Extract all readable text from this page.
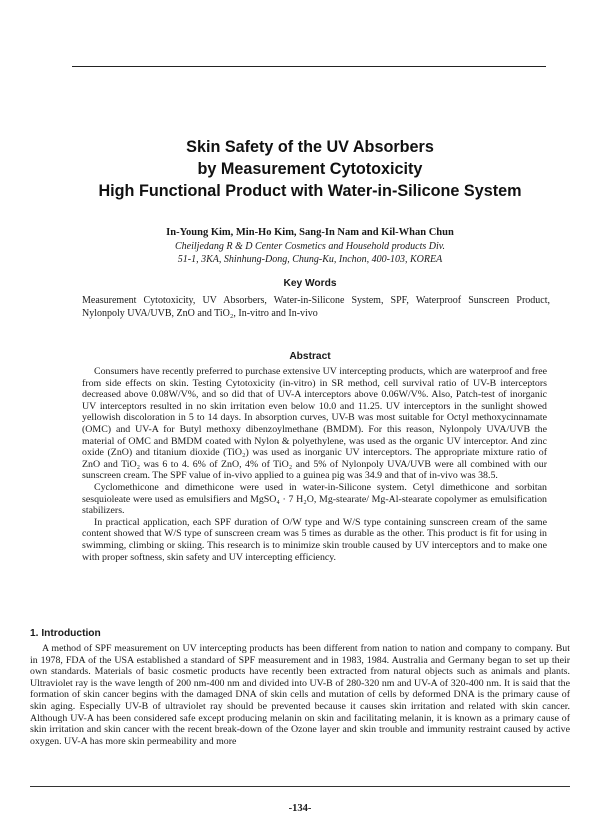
Skin Safety of the UV Absorbers
by Measurement Cytotoxicity
High Functional Product with Water-in-Silicone System
In-Young Kim, Min-Ho Kim, Sang-In Nam and Kil-Whan Chun
Cheiljedang R & D Center Cosmetics and Household products Div.
51-1, 3KA, Shinhung-Dong, Chung-Ku, Inchon, 400-103, KOREA
Key Words
Measurement Cytotoxicity, UV Absorbers, Water-in-Silicone System, SPF, Waterproof Sunscreen Product, Nylonpoly UVA/UVB, ZnO and TiO₂, In-vitro and In-vivo
Abstract

Consumers have recently preferred to purchase extensive UV intercepting products, which are waterproof and free from side effects on skin. Testing Cytotoxicity (in-vitro) in SR method, cell survival ratio of UV-B interceptors decreased above 0.08W/V%, and so did that of UV-A interceptors above 0.06W/V%. Also, Patch-test of inorganic UV interceptors resulted in no skin irritation even below 10.0 and 11.25. UV interceptors in the sunlight showed yellowish discoloration in 5 to 14 days. In absorption curves, UV-B was most suitable for Octyl methoxycinnamate (OMC) and UV-A for Butyl methoxy dibenzoylmethane (BMDM). For this reason, Nylonpoly UVA/UVB the material of OMC and BMDM coated with Nylon & polyethylene, was used as the organic UV interceptor. And zinc oxide (ZnO) and titanium dioxide (TiO₂) was used as inorganic UV interceptors. The appropriate mixture ratio of ZnO and TiO₂ was 6 to 4. 6% of ZnO, 4% of TiO₂ and 5% of Nylonpoly UVA/UVB were all combined with our sunscreen cream. The SPF value of in-vivo applied to a guinea pig was 34.9 and that of in-vivo was 38.5.

Cyclomethicone and dimethicone were used in water-in-Silicone system. Cetyl dimethicone and sorbitan sesquioleate were used as emulsifiers and MgSO₄ · 7 H₂O, Mg-stearate/ Mg-Al-stearate copolymer as emulsification stabilizers.

In practical application, each SPF duration of O/W type and W/S type containing sunscreen cream of the same content showed that W/S type of sunscreen cream was 5 times as durable as the other. This product is fit for using in swimming, climbing or skiing. This research is to minimize skin trouble caused by UV interceptors and to make one with proper softness, skin safety and UV intercepting efficiency.

1. Introduction

A method of SPF measurement on UV intercepting products has been different from nation to nation and company to company. But in 1978, FDA of the USA established a standard of SPF measurement and in 1983, 1984. Australia and Germany began to set up their own standards. Materials of basic cosmetic products have recently been extracted from natural objects such as animals and plants. Ultraviolet ray is the wave length of 200 nm-400 nm and divided into UV-B of 280-320 nm and UV-A of 320-400 nm. It is said that the formation of skin cancer begins with the damaged DNA of skin cells and mutation of cells by deformed DNA is the primary cause of skin aging. Especially UV-B of ultraviolet ray should be prevented because it causes skin irritation and related with skin cancer. Although UV-A has been considered safe except producing melanin on skin and facilitating melanin, it is known as a primary cause of skin irritation and skin cancer with the recent break-down of the Ozone layer and skin trouble and immunity restraint caused by active oxygen. UV-A has more skin permeability and more

-134-
